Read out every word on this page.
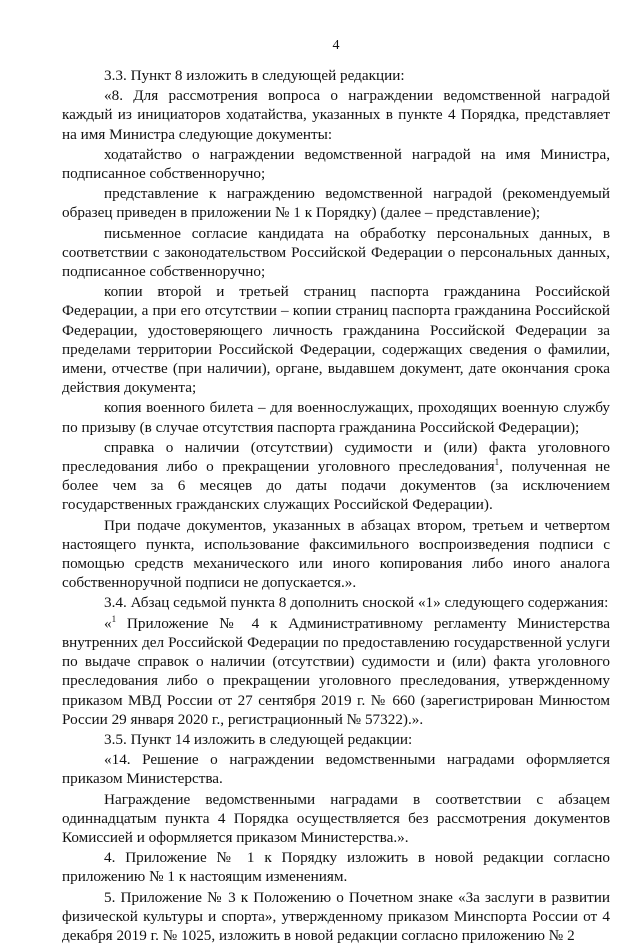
4

3.3. Пункт 8 изложить в следующей редакции:

«8. Для рассмотрения вопроса о награждении ведомственной наградой каждый из инициаторов ходатайства, указанных в пункте 4 Порядка, представляет на имя Министра следующие документы:

ходатайство о награждении ведомственной наградой на имя Министра, подписанное собственноручно;

представление к награждению ведомственной наградой (рекомендуемый образец приведен в приложении № 1 к Порядку) (далее – представление);

письменное согласие кандидата на обработку персональных данных, в соответствии с законодательством Российской Федерации о персональных данных, подписанное собственноручно;

копии второй и третьей страниц паспорта гражданина Российской Федерации, а при его отсутствии – копии страниц паспорта гражданина Российской Федерации, удостоверяющего личность гражданина Российской Федерации за пределами территории Российской Федерации, содержащих сведения о фамилии, имени, отчестве (при наличии), органе, выдавшем документ, дате окончания срока действия документа;

копия военного билета – для военнослужащих, проходящих военную службу по призыву (в случае отсутствия паспорта гражданина Российской Федерации);

справка о наличии (отсутствии) судимости и (или) факта уголовного преследования либо о прекращении уголовного преследования$^1$, полученная не более чем за 6 месяцев до даты подачи документов (за исключением государственных гражданских служащих Российской Федерации).

При подаче документов, указанных в абзацах втором, третьем и четвертом настоящего пункта, использование факсимильного воспроизведения подписи с помощью средств механического или иного копирования либо иного аналога собственноручной подписи не допускается.».

3.4. Абзац седьмой пункта 8 дополнить сноской «1» следующего содержания:

«$^1$ Приложение № 4 к Административному регламенту Министерства внутренних дел Российской Федерации по предоставлению государственной услуги по выдаче справок о наличии (отсутствии) судимости и (или) факта уголовного преследования либо о прекращении уголовного преследования, утвержденному приказом МВД России от 27 сентября 2019 г. № 660 (зарегистрирован Минюстом России 29 января 2020 г., регистрационный № 57322).».

3.5. Пункт 14 изложить в следующей редакции:

«14. Решение о награждении ведомственными наградами оформляется приказом Министерства.

Награждение ведомственными наградами в соответствии с абзацем одиннадцатым пункта 4 Порядка осуществляется без рассмотрения документов Комиссией и оформляется приказом Министерства.».

4. Приложение № 1 к Порядку изложить в новой редакции согласно приложению № 1 к настоящим изменениям.

5. Приложение № 3 к Положению о Почетном знаке «За заслуги в развитии физической культуры и спорта», утвержденному приказом Минспорта России от 4 декабря 2019 г. № 1025, изложить в новой редакции согласно приложению № 2
